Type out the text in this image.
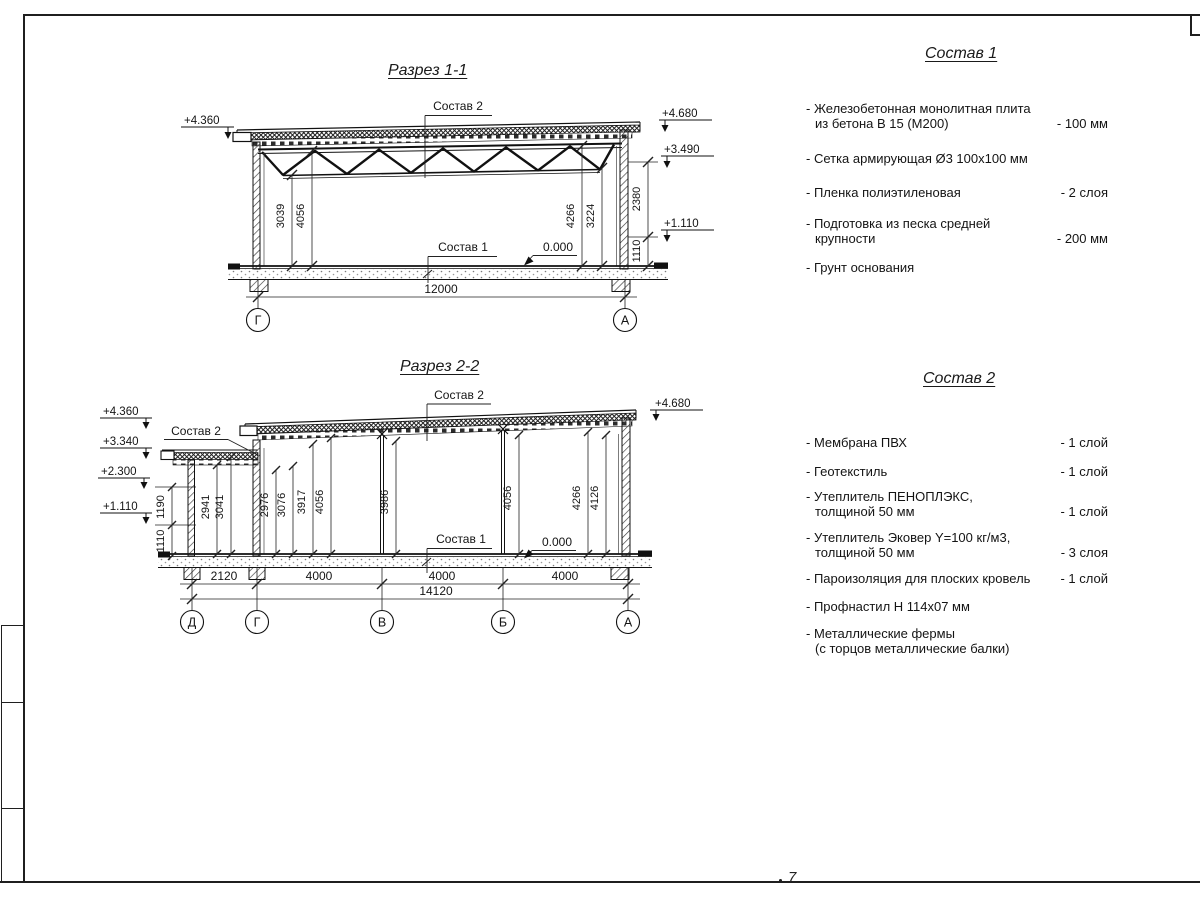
7
Разрез 1-1
Разрез 2-2
Состав 1
Состав 2
3039 4056	4266 3224
2380
1110
+4.360
+4.680
+3.490
+1.110
Состав 2
Состав 1	0.000
12000
Г	А
1190
1110
2941 3041	2976 3076 3917 4056	3986	4056	4266 4126
+4.360
+3.340
+2.300
+1.110
+4.680
Состав 2
Состав 2
Состав 1	0.000
2120	4000	4000	4000
14120
Д	Г	В	Б	А
- Железобетонная монолитная плита
из бетона В 15 (М200)	- 100 мм
- Сетка армирующая Ø3 100х100 мм
- Пленка полиэтиленовая	- 2 слоя
- Подготовка из песка средней
крупности	- 200 мм
- Грунт основания
- Мембрана ПВХ	- 1 слой
- Геотекстиль	- 1 слой
- Утеплитель ПЕНОПЛЭКС,
толщиной 50 мм	- 1 слой
- Утеплитель Эковер Y=100 кг/м3,
толщиной 50 мм	- 3 слоя
- Пароизоляция для плоских кровель	- 1 слой
- Профнастил Н 114х07 мм
- Металлические фермы
(с торцов металлические балки)
